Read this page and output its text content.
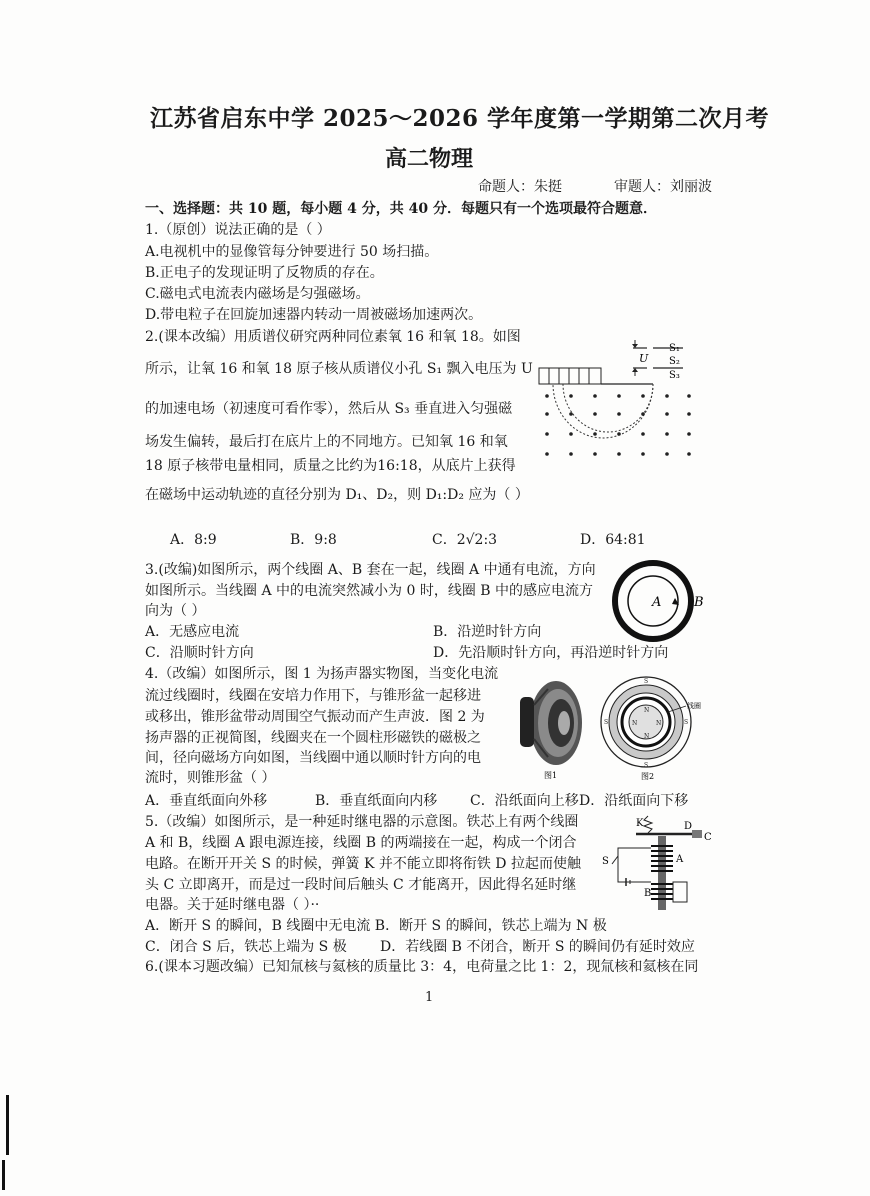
江苏省启东中学 2025～2026 学年度第一学期第二次月考
高二物理
命题人：朱挺	审题人：刘丽波
一、选择题：共 10 题，每小题 4 分，共 40 分．每题只有一个选项最符合题意．
1.（原创）说法正确的是（ ）
A.电视机中的显像管每分钟要进行 50 场扫描。
B.正电子的发现证明了反物质的存在。
C.磁电式电流表内磁场是匀强磁场。
D.带电粒子在回旋加速器内转动一周被磁场加速两次。
2.(课本改编）用质谱仪研究两种同位素氧 16 和氧 18。如图
所示，让氧 16 和氧 18 原子核从质谱仪小孔 S₁ 飘入电压为 U
的加速电场（初速度可看作零），然后从 S₃ 垂直进入匀强磁
场发生偏转，最后打在底片上的不同地方。已知氧 16 和氧
18 原子核带电量相同，质量之比约为16:18，从底片上获得
在磁场中运动轨迹的直径分别为 D₁、D₂，则 D₁:D₂ 应为（ ）
A．8:9	B．9:8	C．2√2:3	D．64:81
U
S₁
S₂
S₃
3.(改编)如图所示，两个线圈 A、B 套在一起，线圈 A 中通有电流，方向
如图所示。当线圈 A 中的电流突然减小为 0 时，线圈 B 中的感应电流方
向为（ ）
A．无感应电流	B．沿逆时针方向
C．沿顺时针方向	D．先沿顺时针方向，再沿逆时针方向
A	B
4.（改编）如图所示，图 1 为扬声器实物图，当变化电流
流过线圈时，线圈在安培力作用下，与锥形盆一起移进
或移出，锥形盆带动周围空气振动而产生声波．图 2 为
扬声器的正视简图，线圈夹在一个圆柱形磁铁的磁极之
间，径向磁场方向如图，当线圈中通以顺时针方向的电
流时，则锥形盆（ ）
A．垂直纸面向外移	B．垂直纸面向内移 C．沿纸面向上移 D．沿纸面向下移
图1
S
S
S	S
N
N
N	N
线圈
图2
5.（改编）如图所示，是一种延时继电器的示意图。铁芯上有两个线圈
A 和 B，线圈 A 跟电源连接，线圈 B 的两端接在一起，构成一个闭合
电路。在断开开关 S 的时候，弹簧 K 并不能立即将衔铁 D 拉起而使触
头 C 立即离开，而是过一段时间后触头 C 才能离开，因此得名延时继
电器。关于延时继电器（ ）··
A．断开 S 的瞬间，B 线圈中无电流 B．断开 S 的瞬间，铁芯上端为 N 极
C．闭合 S 后，铁芯上端为 S 极 D．若线圈 B 不闭合，断开 S 的瞬间仍有延时效应
K	D
C
A
S
B
6.(课本习题改编）已知氚核与氦核的质量比 3：4，电荷量之比 1：2，现氚核和氦核在同
1
